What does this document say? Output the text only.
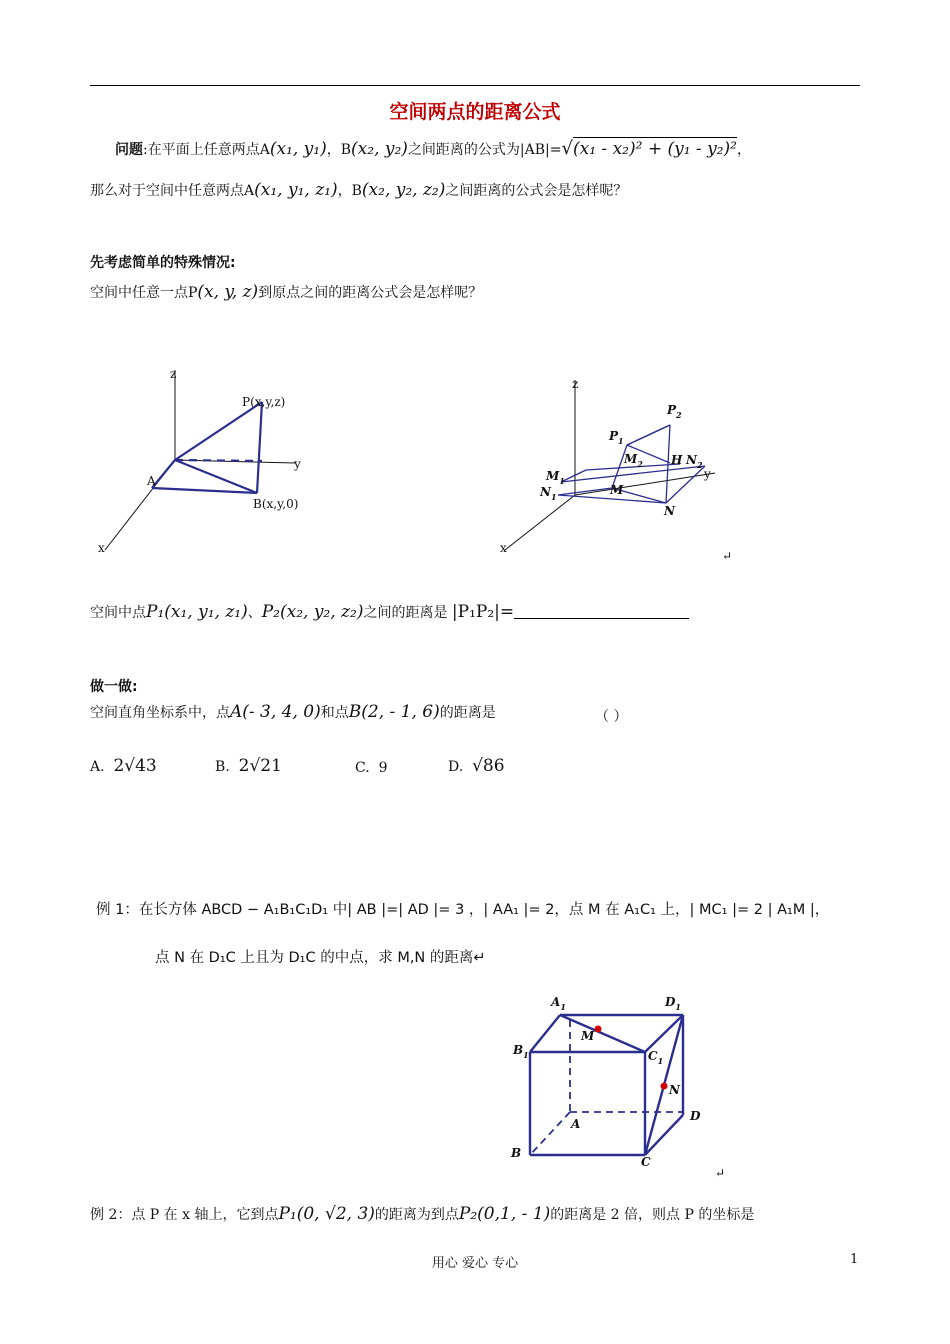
空间两点的距离公式
问题:在平面上任意两点A(x₁, y₁)，B(x₂, y₂)之间距离的公式为|AB|=√(x₁ - x₂)² + (y₁ - y₂)²，
那么对于空间中任意两点A(x₁, y₁, z₁)，B(x₂, y₂, z₂)之间距离的公式会是怎样呢？
先考虑简单的特殊情况:
空间中任意一点P(x, y, z)到原点之间的距离公式会是怎样呢？
z
y
x
A
P(x,y,z)
B(x,y,0)
z
y
x
$P_1$
$P_2$
$M_2$ H $N_2$
$M_1$
$N_1$	M
N
↵
空间中点P₁(x₁, y₁, z₁)、P₂(x₂, y₂, z₂)之间的距离是 |P₁P₂|=
做一做:
空间直角坐标系中，点A(- 3, 4, 0)和点B(2, - 1, 6)的距离是	（ ）
A. 2√43	B. 2√21	C. 9	D. √86
例 1：在长方体 ABCD − A₁B₁C₁D₁ 中| AB |=| AD |= 3 ，| AA₁ |= 2，点 M 在 A₁C₁ 上，| MC₁ |= 2 | A₁M |，
点 N 在 D₁C 上且为 D₁C 的中点，求 M,N 的距离↵
$A_1$	$D_1$
M
$B_1$	$C_1$
N
D
A
B
C
↵
例 2：点 P 在 x 轴上，它到点P₁(0, √2, 3)的距离为到点P₂(0,1, - 1)的距离是 2 倍，则点 P 的坐标是
用心 爱心 专心	1
